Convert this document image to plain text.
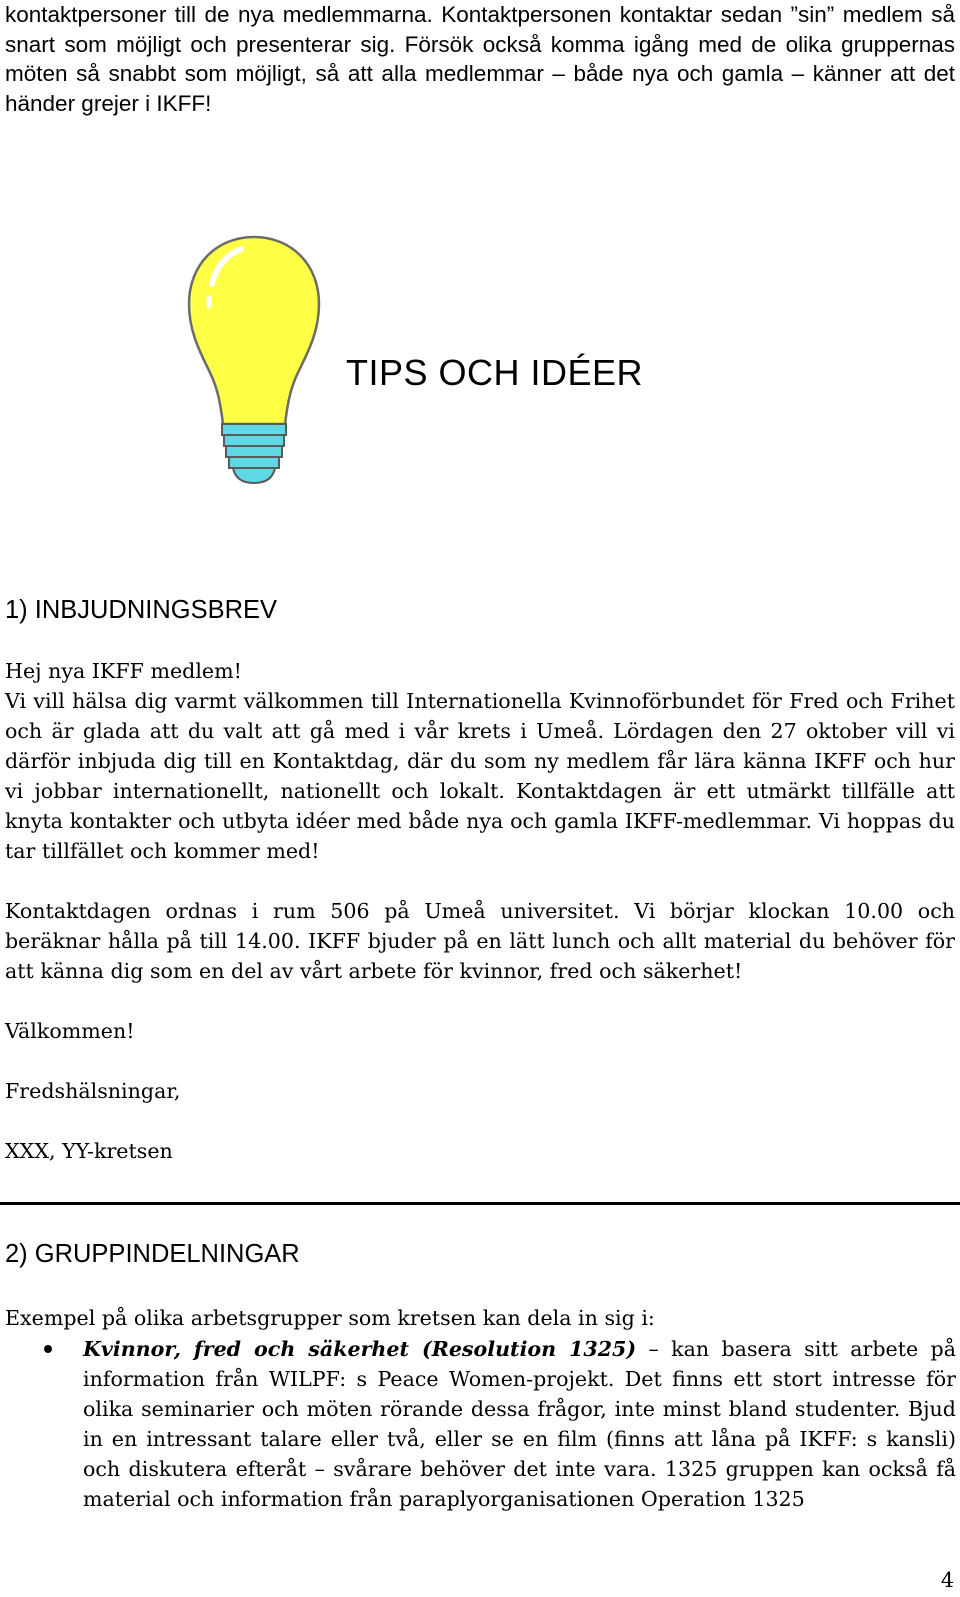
kontaktpersoner till de nya medlemmarna. Kontaktpersonen kontaktar sedan ”sin” medlem så snart som möjligt och presenterar sig. Försök också komma igång med de olika gruppernas möten så snabbt som möjligt, så att alla medlemmar – både nya och gamla – känner att det händer grejer i IKFF!

TIPS OCH IDÉER
1) INBJUDNINGSBREV

Hej nya IKFF medlem!

Vi vill hälsa dig varmt välkommen till Internationella Kvinnoförbundet för Fred och Frihet och är glada att du valt att gå med i vår krets i Umeå. Lördagen den 27 oktober vill vi därför inbjuda dig till en Kontaktdag, där du som ny medlem får lära känna IKFF och hur vi jobbar internationellt, nationellt och lokalt. Kontaktdagen är ett utmärkt tillfälle att knyta kontakter och utbyta idéer med både nya och gamla IKFF-medlemmar. Vi hoppas du tar tillfället och kommer med!

Kontaktdagen ordnas i rum 506 på Umeå universitet. Vi börjar klockan 10.00 och beräknar hålla på till 14.00. IKFF bjuder på en lätt lunch och allt material du behöver för att känna dig som en del av vårt arbete för kvinnor, fred och säkerhet!

Välkommen!

Fredshälsningar,

XXX, YY-kretsen

2) GRUPPINDELNINGAR
Exempel på olika arbetsgrupper som kretsen kan dela in sig i:
Kvinnor, fred och säkerhet (Resolution 1325) – kan basera sitt arbete på information från WILPF: s Peace Women-projekt. Det finns ett stort intresse för olika seminarier och möten rörande dessa frågor, inte minst bland studenter. Bjud in en intressant talare eller två, eller se en film (finns att låna på IKFF: s kansli) och diskutera efteråt – svårare behöver det inte vara. 1325 gruppen kan också få material och information från paraplyorganisationen Operation 1325
4
